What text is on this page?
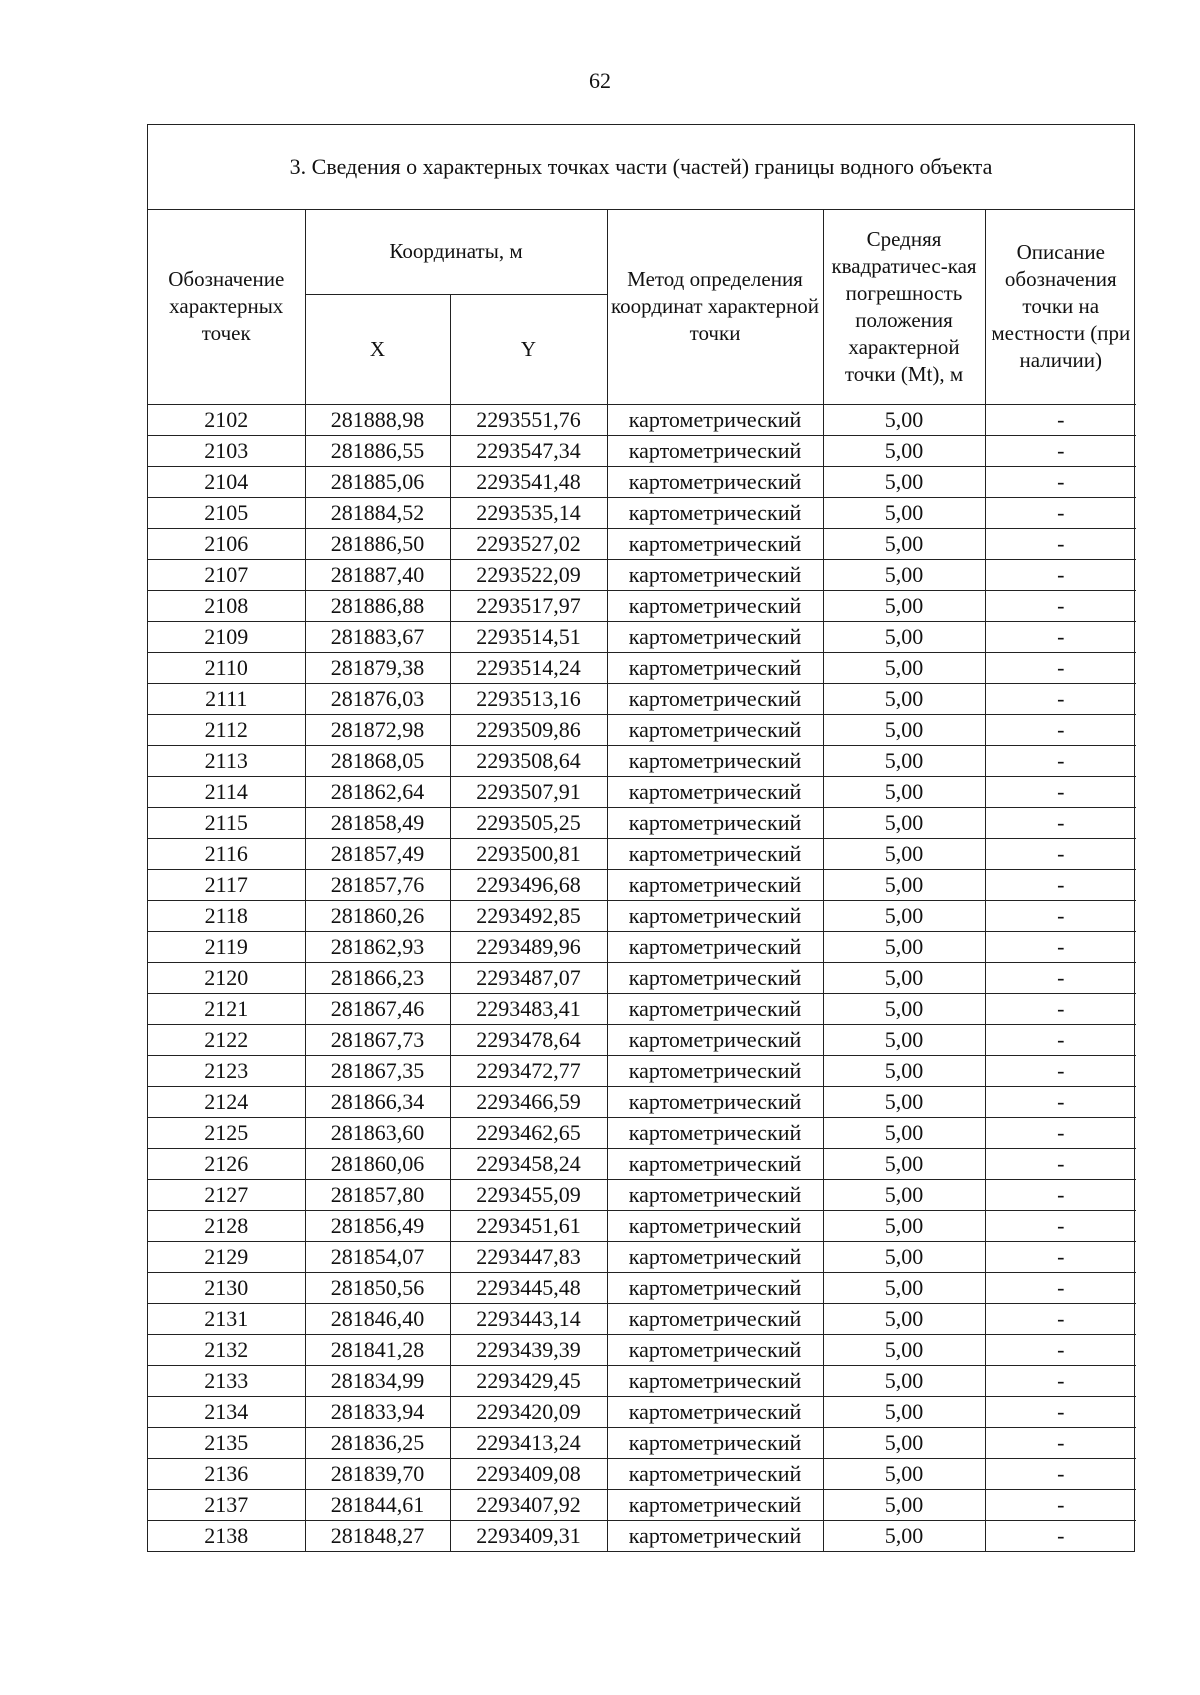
62
3. Сведения о характерных точках части (частей) границы водного объекта
Обозначение характерных точек	Координаты, м		Метод определения координат характерной точки	Средняя квадратичес-кая погрешность положения характерной точки (Mt), м	Описание обозначения точки на местности (при наличии)
	X	Y			
2102	281888,98	2293551,76	картометрический	5,00	-
2103	281886,55	2293547,34	картометрический	5,00	-
2104	281885,06	2293541,48	картометрический	5,00	-
2105	281884,52	2293535,14	картометрический	5,00	-
2106	281886,50	2293527,02	картометрический	5,00	-
2107	281887,40	2293522,09	картометрический	5,00	-
2108	281886,88	2293517,97	картометрический	5,00	-
2109	281883,67	2293514,51	картометрический	5,00	-
2110	281879,38	2293514,24	картометрический	5,00	-
2111	281876,03	2293513,16	картометрический	5,00	-
2112	281872,98	2293509,86	картометрический	5,00	-
2113	281868,05	2293508,64	картометрический	5,00	-
2114	281862,64	2293507,91	картометрический	5,00	-
2115	281858,49	2293505,25	картометрический	5,00	-
2116	281857,49	2293500,81	картометрический	5,00	-
2117	281857,76	2293496,68	картометрический	5,00	-
2118	281860,26	2293492,85	картометрический	5,00	-
2119	281862,93	2293489,96	картометрический	5,00	-
2120	281866,23	2293487,07	картометрический	5,00	-
2121	281867,46	2293483,41	картометрический	5,00	-
2122	281867,73	2293478,64	картометрический	5,00	-
2123	281867,35	2293472,77	картометрический	5,00	-
2124	281866,34	2293466,59	картометрический	5,00	-
2125	281863,60	2293462,65	картометрический	5,00	-
2126	281860,06	2293458,24	картометрический	5,00	-
2127	281857,80	2293455,09	картометрический	5,00	-
2128	281856,49	2293451,61	картометрический	5,00	-
2129	281854,07	2293447,83	картометрический	5,00	-
2130	281850,56	2293445,48	картометрический	5,00	-
2131	281846,40	2293443,14	картометрический	5,00	-
2132	281841,28	2293439,39	картометрический	5,00	-
2133	281834,99	2293429,45	картометрический	5,00	-
2134	281833,94	2293420,09	картометрический	5,00	-
2135	281836,25	2293413,24	картометрический	5,00	-
2136	281839,70	2293409,08	картометрический	5,00	-
2137	281844,61	2293407,92	картометрический	5,00	-
2138	281848,27	2293409,31	картометрический	5,00	-
